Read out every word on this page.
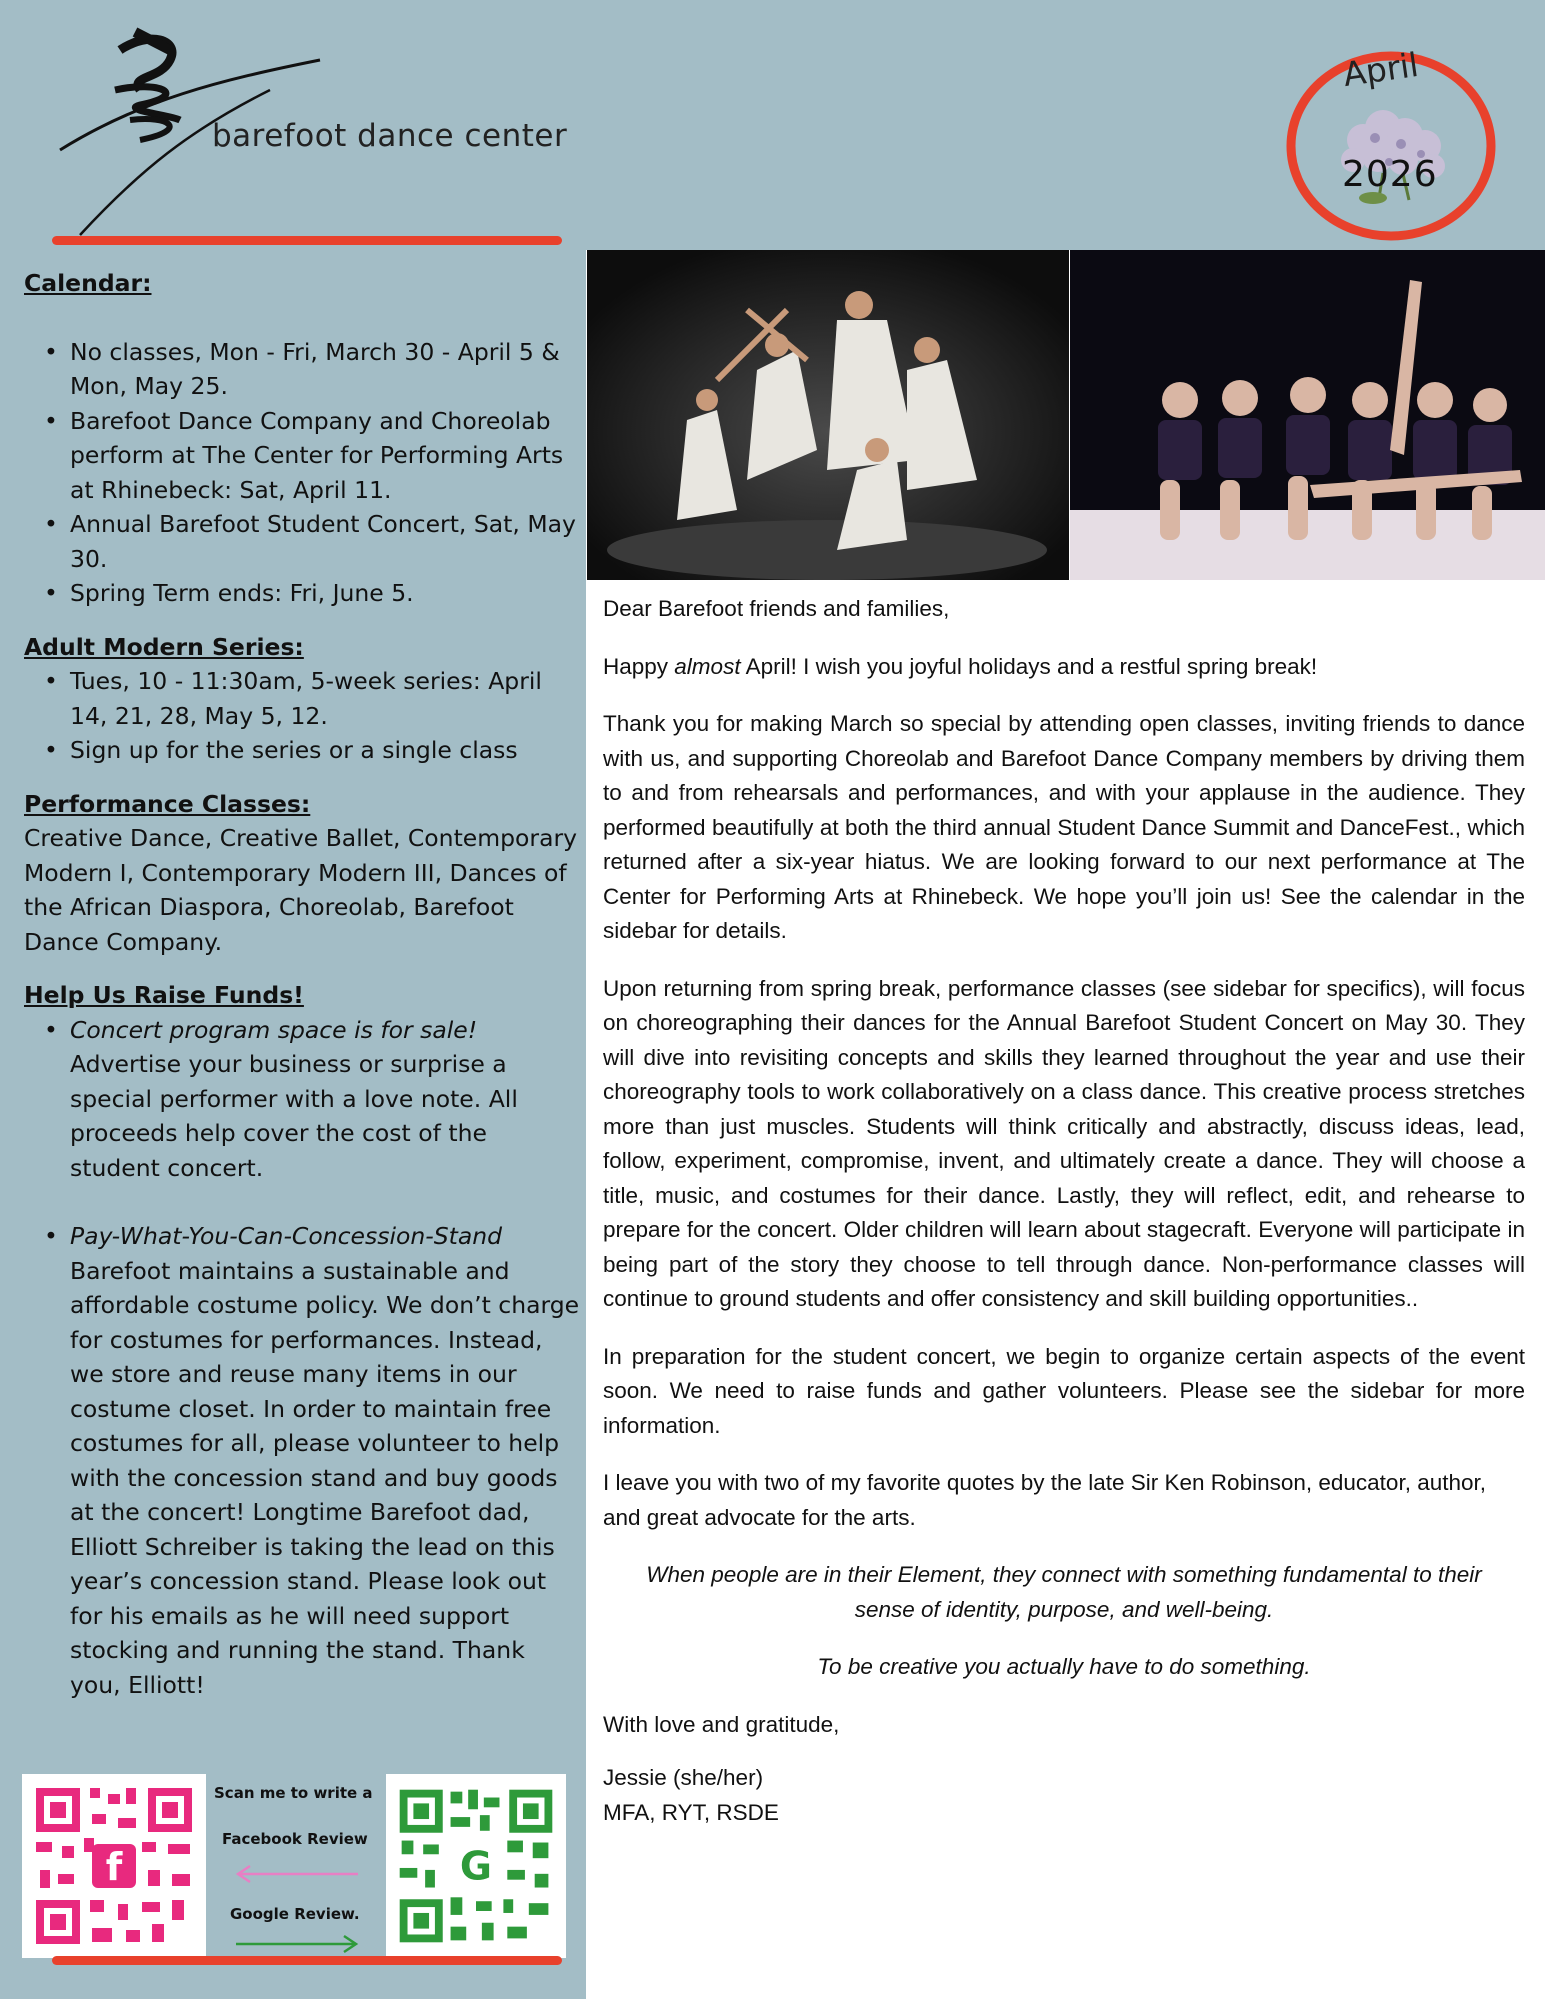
barefoot dance center
April
2026
Calendar:
• No classes, Mon - Fri, March 30 - April 5 & Mon, May 25.
• Barefoot Dance Company and Choreolab perform at The Center for Performing Arts at Rhinebeck: Sat, April 11.
• Annual Barefoot Student Concert, Sat, May 30.
• Spring Term ends: Fri, June 5.
Adult Modern Series:
• Tues, 10 - 11:30am, 5-week series: April 14, 21, 28, May 5, 12.
• Sign up for the series or a single class
Performance Classes:

Creative Dance, Creative Ballet, Contemporary Modern I, Contemporary Modern III, Dances of the African Diaspora, Choreolab, Barefoot Dance Company.

Help Us Raise Funds!
• Concert program space is for sale! Advertise your business or surprise a special performer with a love note. All proceeds help cover the cost of the student concert.
• Pay-What-You-Can-Concession-Stand Barefoot maintains a sustainable and affordable costume policy. We don’t charge for costumes for performances. Instead, we store and reuse many items in our costume closet. In order to maintain free costumes for all, please volunteer to help with the concession stand and buy goods at the concert! Longtime Barefoot dad, Elliott Schreiber is taking the lead on this year’s concession stand. Please look out for his emails as he will need support stocking and running the stand. Thank you, Elliott!
f
Scan me to write a
Facebook Review
Google Review.
G

Dear Barefoot friends and families,

Happy almost April! I wish you joyful holidays and a restful spring break!

Thank you for making March so special by attending open classes, inviting friends to dance with us, and supporting Choreolab and Barefoot Dance Company members by driving them to and from rehearsals and performances, and with your applause in the audience. They performed beautifully at both the third annual Student Dance Summit and DanceFest., which returned after a six-year hiatus. We are looking forward to our next performance at The Center for Performing Arts at Rhinebeck. We hope you’ll join us! See the calendar in the sidebar for details.

Upon returning from spring break, performance classes (see sidebar for specifics), will focus on choreographing their dances for the Annual Barefoot Student Concert on May 30. They will dive into revisiting concepts and skills they learned throughout the year and use their choreography tools to work collaboratively on a class dance. This creative process stretches more than just muscles. Students will think critically and abstractly, discuss ideas, lead, follow, experiment, compromise, invent, and ultimately create a dance. They will choose a title, music, and costumes for their dance. Lastly, they will reflect, edit, and rehearse to prepare for the concert. Older children will learn about stagecraft. Everyone will participate in being part of the story they choose to tell through dance. Non-performance classes will continue to ground students and offer consistency and skill building opportunities..

In preparation for the student concert, we begin to organize certain aspects of the event soon. We need to raise funds and gather volunteers. Please see the sidebar for more information.

I leave you with two of my favorite quotes by the late Sir Ken Robinson, educator, author, and great advocate for the arts.

When people are in their Element, they connect with something fundamental to their sense of identity, purpose, and well-being.

To be creative you actually have to do something.

With love and gratitude,

Jessie (she/her)
MFA, RYT, RSDE
